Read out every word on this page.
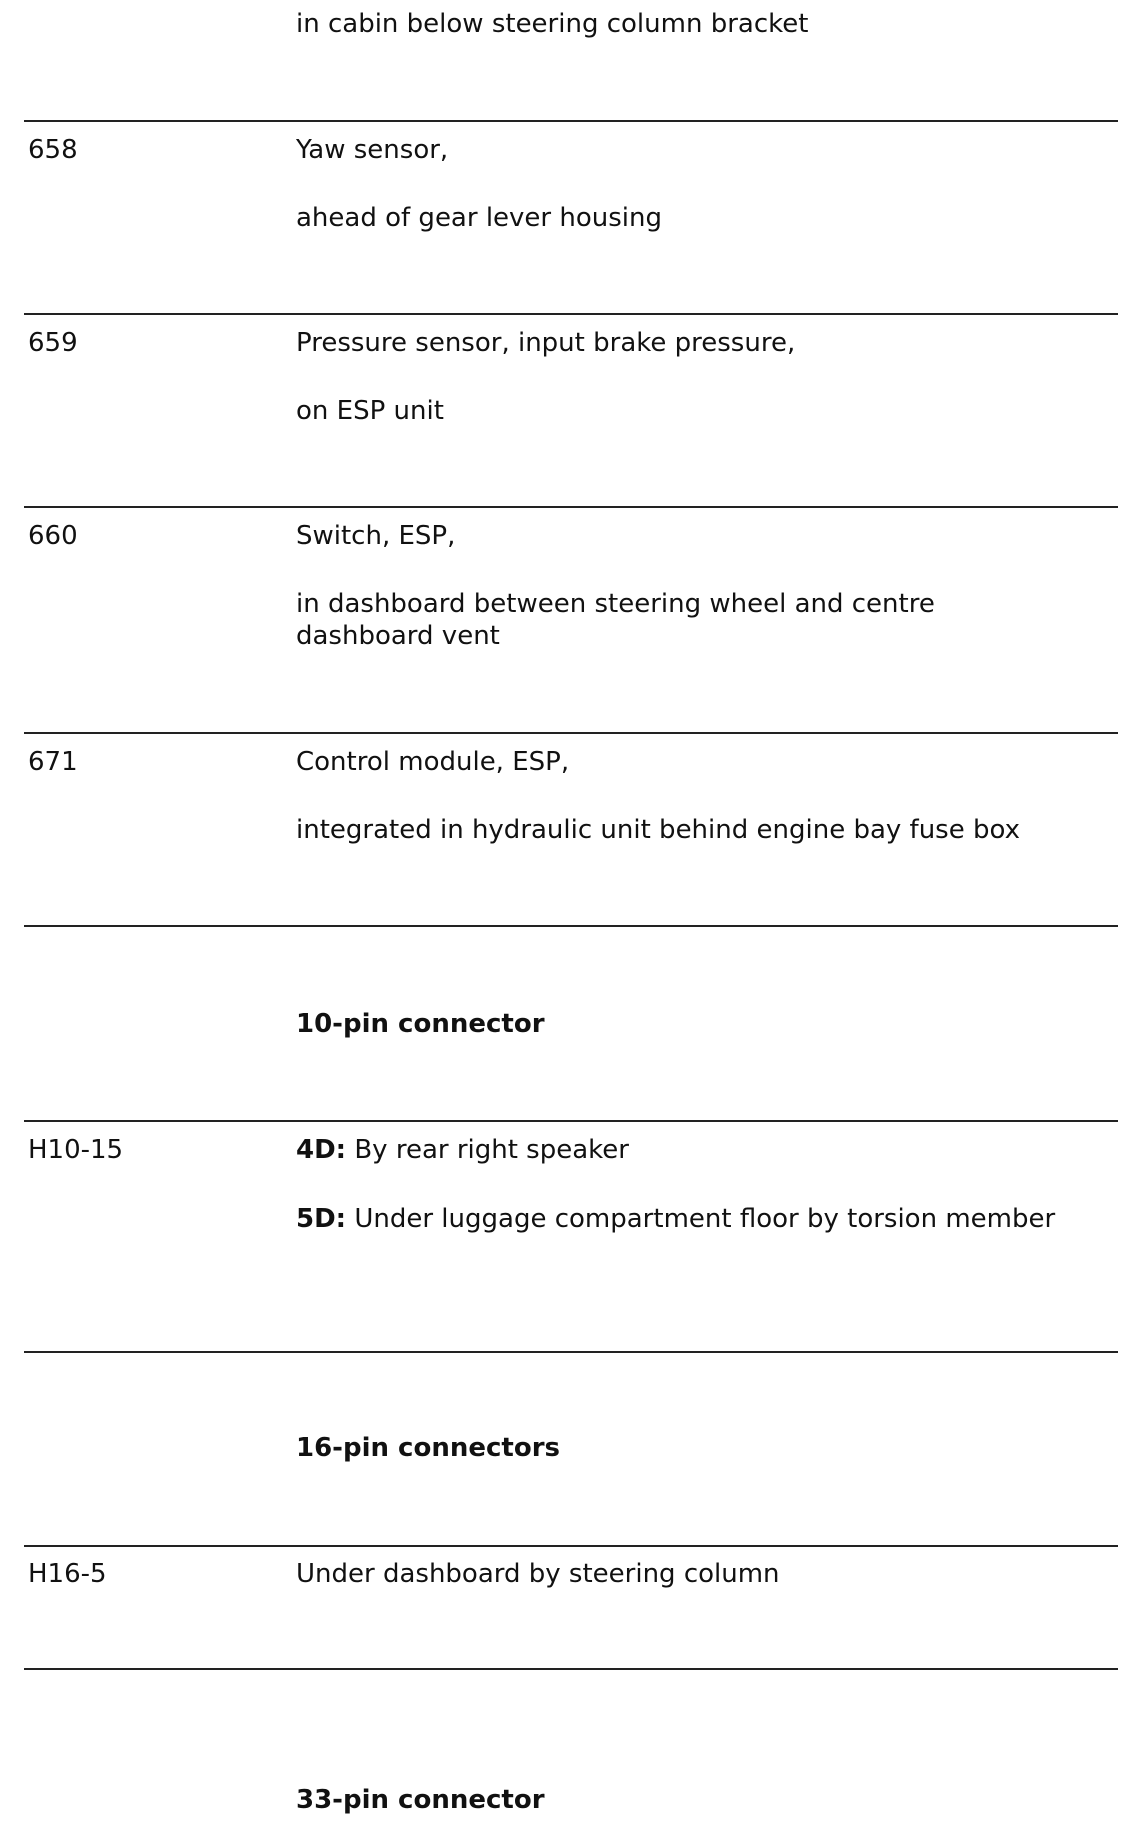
in cabin below steering column bracket
658	Yaw sensor,
ahead of gear lever housing
659	Pressure sensor, input brake pressure,
on ESP unit
660	Switch, ESP,
in dashboard between steering wheel and centre dashboard vent
671	Control module, ESP,
integrated in hydraulic unit behind engine bay fuse box
10-pin connector
H10-15	4D: By rear right speaker
5D: Under luggage compartment floor by torsion member
16-pin connectors
H16-5	Under dashboard by steering column
33-pin connector
